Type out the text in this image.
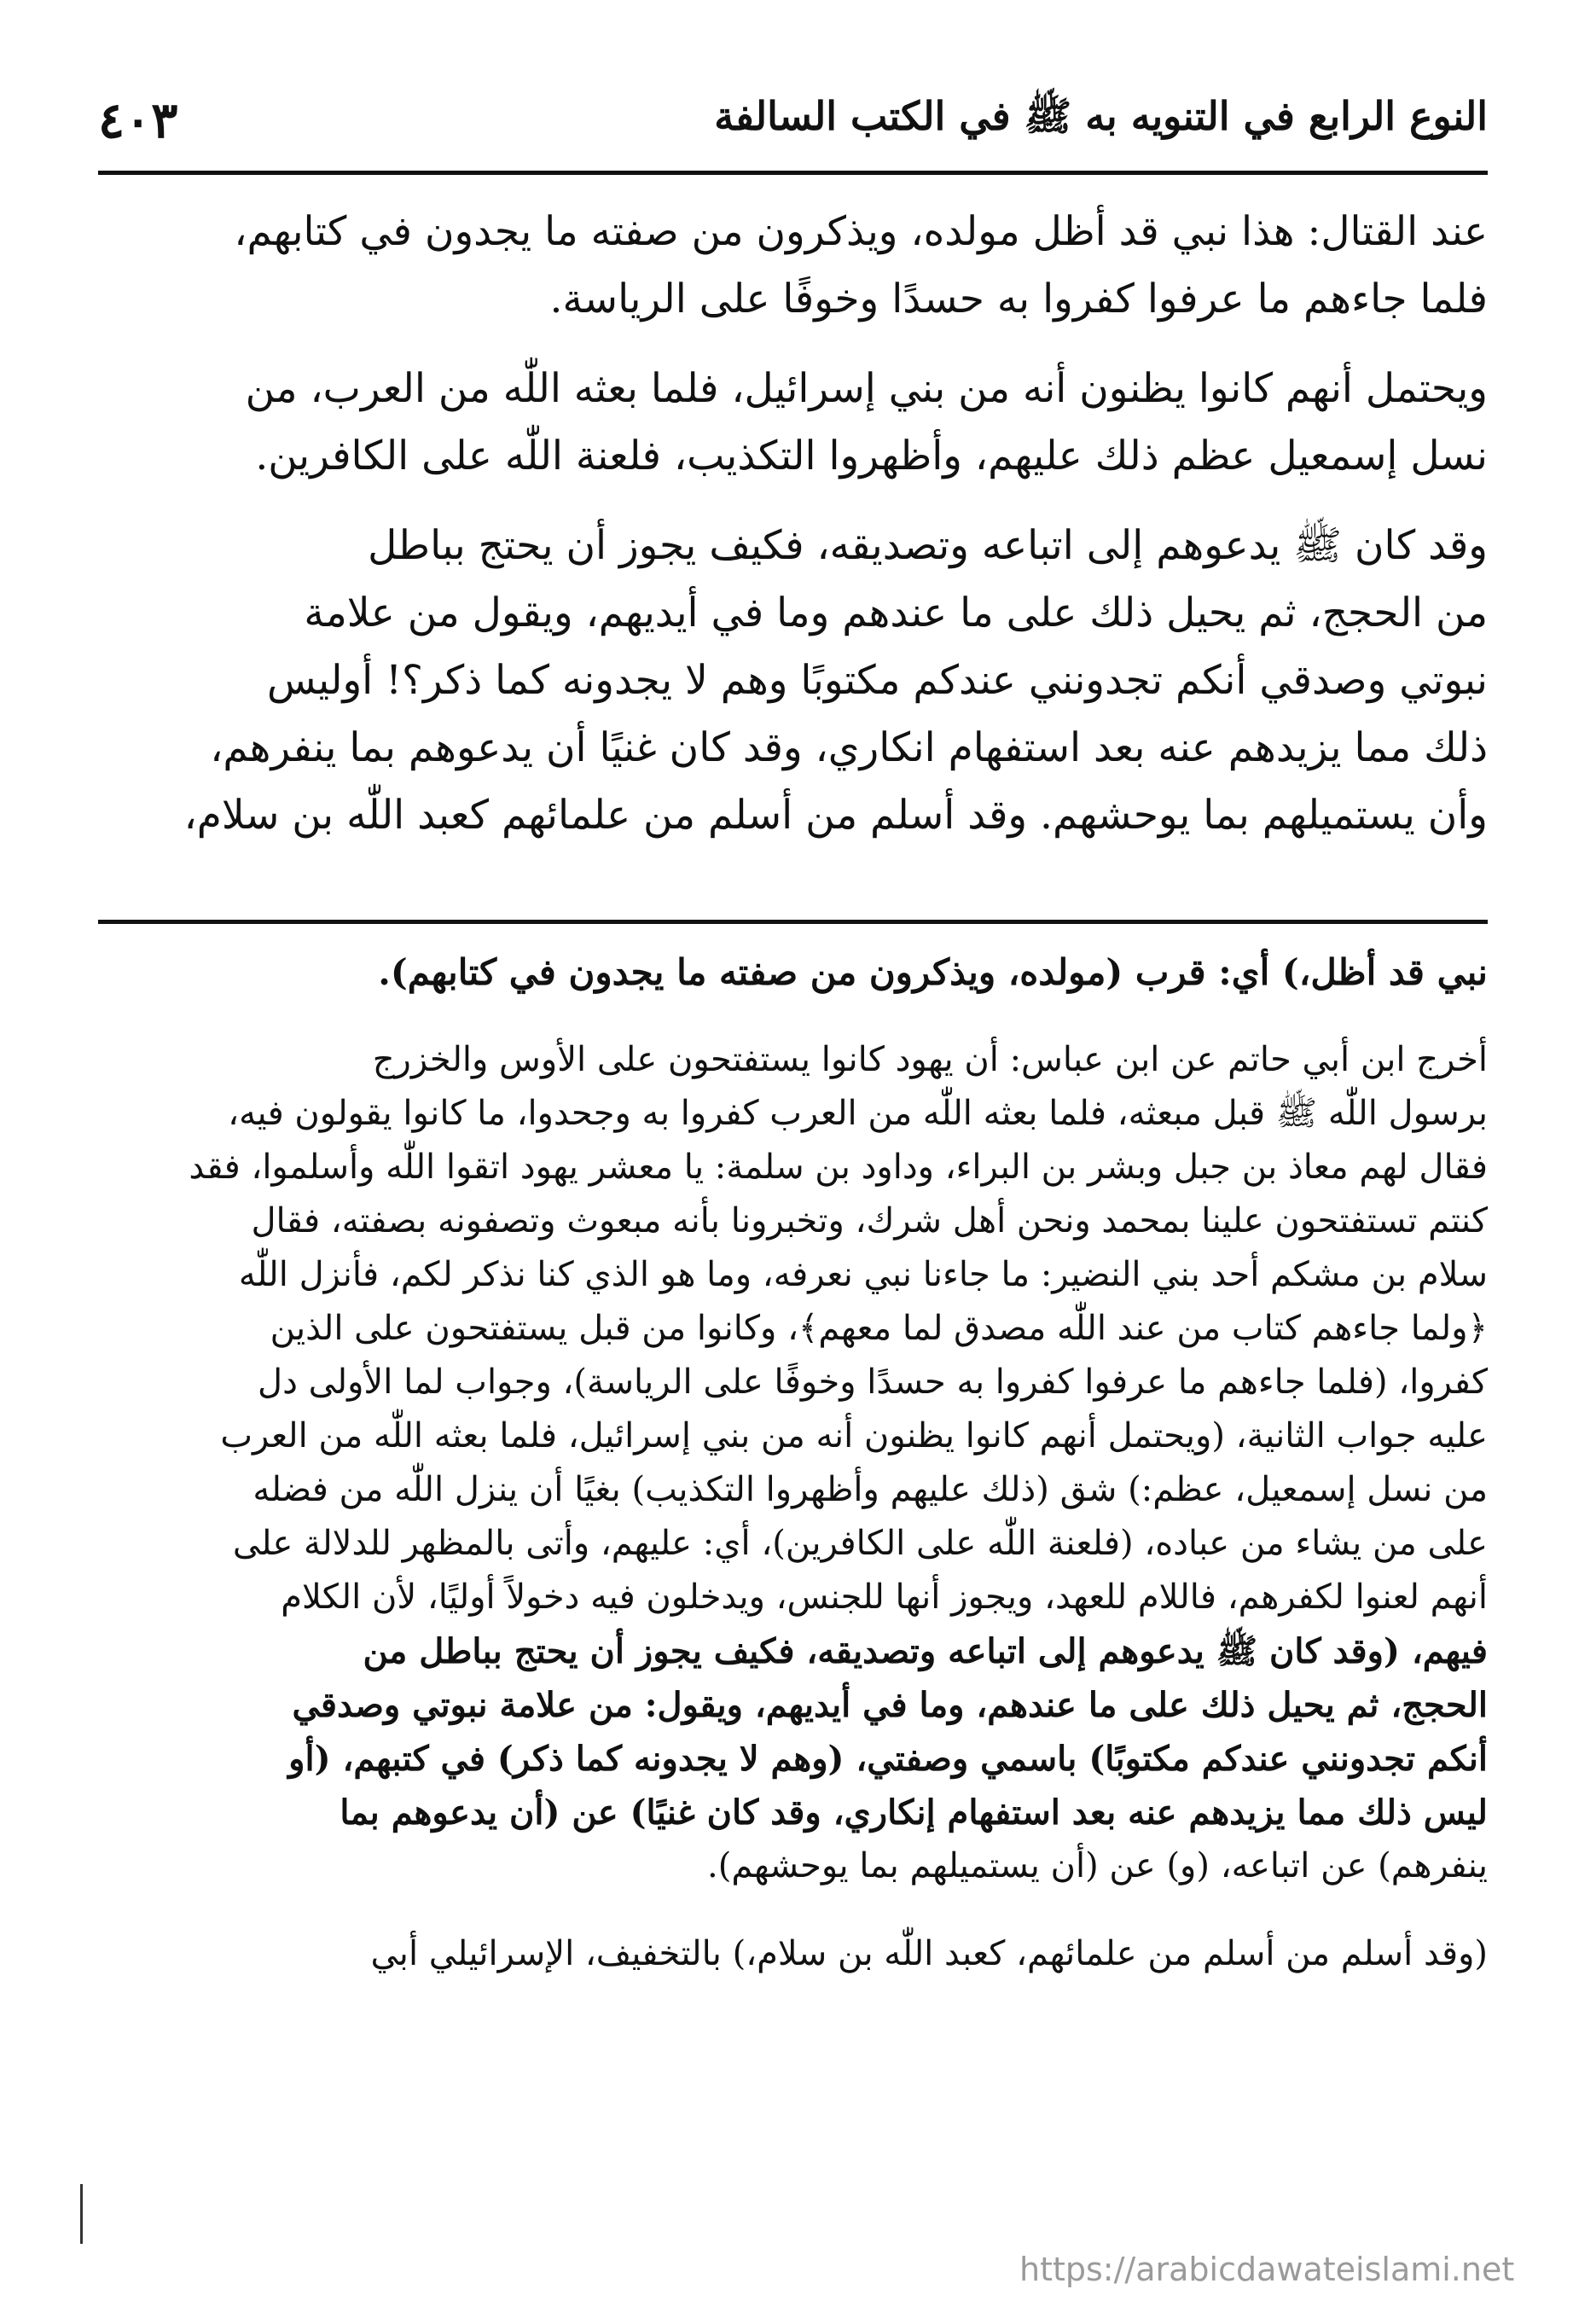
النوع الرابع في التنويه به ﷺ في الكتب السالفة
٤٠٣

عند القتال: هذا نبي قد أظل مولده، ويذكرون من صفته ما يجدون في كتابهم،
فلما جاءهم ما عرفوا كفروا به حسدًا وخوفًا على الرياسة.

ويحتمل أنهم كانوا يظنون أنه من بني إسرائيل، فلما بعثه اللّٰه من العرب، من
نسل إسمعيل عظم ذلك عليهم، وأظهروا التكذيب، فلعنة اللّٰه على الكافرين.

وقد كان ﷺ يدعوهم إلى اتباعه وتصديقه، فكيف يجوز أن يحتج بباطل
من الحجج، ثم يحيل ذلك على ما عندهم وما في أيديهم، ويقول من علامة
نبوتي وصدقي أنكم تجدونني عندكم مكتوبًا وهم لا يجدونه كما ذكر؟! أوليس
ذلك مما يزيدهم عنه بعد استفهام انكاري، وقد كان غنيًا أن يدعوهم بما ينفرهم،
وأن يستميلهم بما يوحشهم. وقد أسلم من أسلم من علمائهم كعبد اللّٰه بن سلام،

نبي قد أظل،) أي: قرب (مولده، ويذكرون من صفته ما يجدون في كتابهم).

أخرج ابن أبي حاتم عن ابن عباس: أن يهود كانوا يستفتحون على الأوس والخزرج
برسول اللّٰه ﷺ قبل مبعثه، فلما بعثه اللّٰه من العرب كفروا به وجحدوا، ما كانوا يقولون فيه،
فقال لهم معاذ بن جبل وبشر بن البراء، وداود بن سلمة: يا معشر يهود اتقوا اللّٰه وأسلموا، فقد
كنتم تستفتحون علينا بمحمد ونحن أهل شرك، وتخبرونا بأنه مبعوث وتصفونه بصفته، فقال
سلام بن مشكم أحد بني النضير: ما جاءنا نبي نعرفه، وما هو الذي كنا نذكر لكم، فأنزل اللّٰه
﴿ولما جاءهم كتاب من عند اللّٰه مصدق لما معهم﴾، وكانوا من قبل يستفتحون على الذين
كفروا، (فلما جاءهم ما عرفوا كفروا به حسدًا وخوفًا على الرياسة)، وجواب لما الأولى دل
عليه جواب الثانية، (ويحتمل أنهم كانوا يظنون أنه من بني إسرائيل، فلما بعثه اللّٰه من العرب
من نسل إسمعيل، عظم:) شق (ذلك عليهم وأظهروا التكذيب) بغيًا أن ينزل اللّٰه من فضله
على من يشاء من عباده، (فلعنة اللّٰه على الكافرين)، أي: عليهم، وأتى بالمظهر للدلالة على
أنهم لعنوا لكفرهم، فاللام للعهد، ويجوز أنها للجنس، ويدخلون فيه دخولاً أوليًا، لأن الكلام
فيهم، (وقد كان ﷺ يدعوهم إلى اتباعه وتصديقه، فكيف يجوز أن يحتج بباطل من
الحجج، ثم يحيل ذلك على ما عندهم، وما في أيديهم، ويقول: من علامة نبوتي وصدقي
أنكم تجدونني عندكم مكتوبًا) باسمي وصفتي، (وهم لا يجدونه كما ذكر) في كتبهم، (أو
ليس ذلك مما يزيدهم عنه بعد استفهام إنكاري، وقد كان غنيًا) عن (أن يدعوهم بما
ينفرهم) عن اتباعه، (و) عن (أن يستميلهم بما يوحشهم).

(وقد أسلم من أسلم من علمائهم، كعبد اللّٰه بن سلام،) بالتخفيف، الإسرائيلي أبي

https://arabicdawateislami.net
